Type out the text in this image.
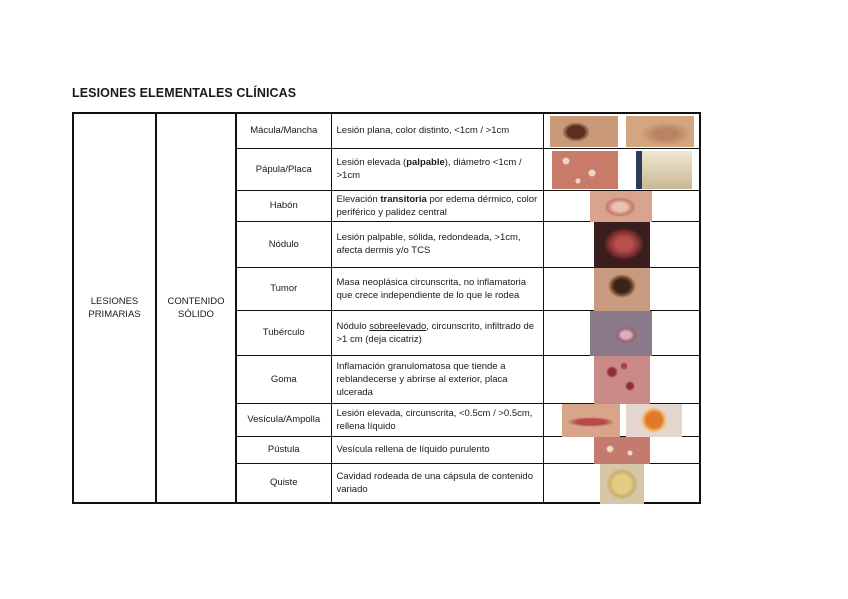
LESIONES ELEMENTALES CLÍNICAS
LESIONES PRIMARIAS	CONTENIDO SÓLIDO	Mácula/Mancha	Lesión plana, color distinto, <1cm / >1cm	

		Pápula/Placa	Lesión elevada (palpable), diámetro <1cm / >1cm	

		Habón	Elevación transitoria por edema dérmico, color periférico y palidez central	

		Nódulo	Lesión palpable, sólida, redondeada, >1cm, afecta dermis y/o TCS	

		Tumor	Masa neoplásica circunscrita, no inflamatoria que crece independiente de lo que le rodea	

		Tubérculo	Nódulo sobreelevado, circunscrito, infiltrado de >1 cm (deja cicatriz)	

		Goma	Inflamación granulomatosa que tiende a reblandecerse y abrirse al exterior, placa ulcerada	

		Vesícula/Ampolla	Lesión elevada, circunscrita, <0.5cm / >0.5cm, rellena líquido	

		Pústula	Vesícula rellena de líquido purulento	

		Quiste	Cavidad rodeada de una cápsula de contenido variado	
